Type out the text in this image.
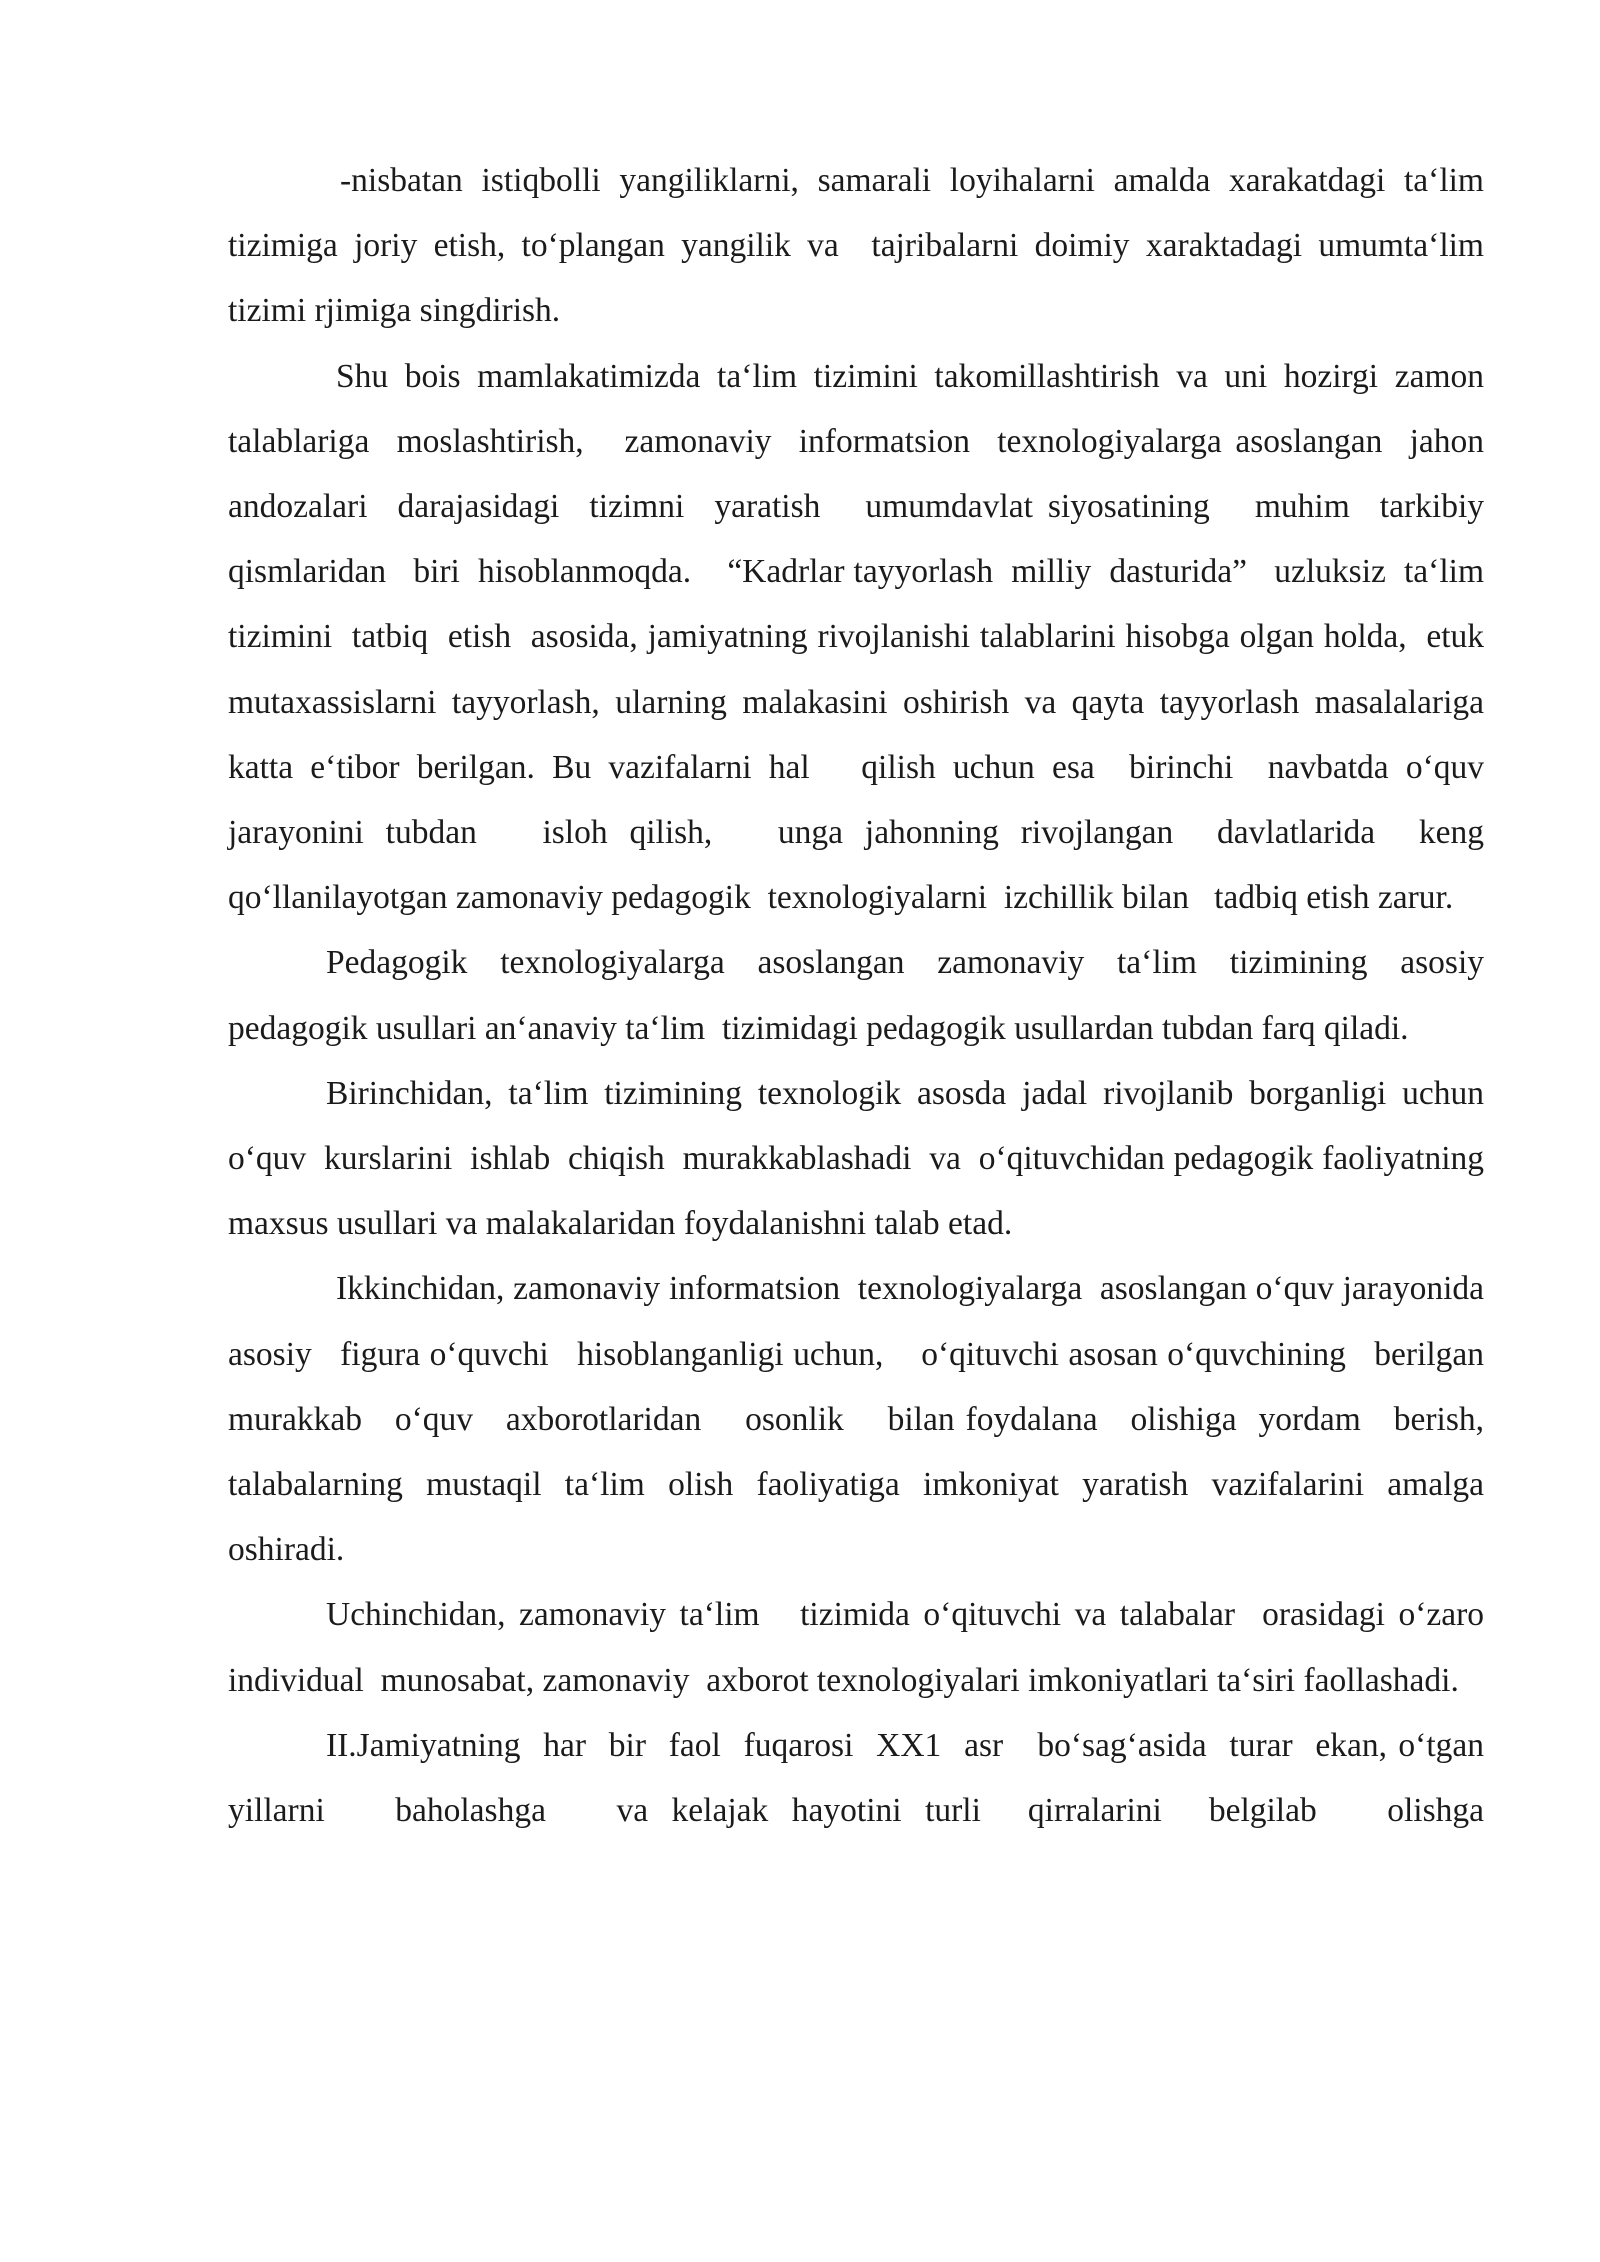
-nisbatan istiqbolli yangiliklarni, samarali loyihalarni amalda xarakatdagi ta‘lim tizimiga joriy etish, to‘plangan yangilik va  tajribalarni doimiy xaraktadagi umumta‘lim tizimi rjimiga singdirish.

Shu bois mamlakatimizda ta‘lim tizimini takomillashtirish va uni hozirgi zamon  talablariga  moslashtirish,   zamonaviy  informatsion  texnologiyalarga asoslangan  jahon   andozalari  darajasidagi  tizimni  yaratish   umumdavlat siyosatining   muhim  tarkibiy  qismlaridan   biri  hisoblanmoqda.    “Kadrlar tayyorlash  milliy  dasturida”   uzluksiz  ta‘lim  tizimini  tatbiq  etish  asosida, jamiyatning rivojlanishi talablarini hisobga olgan holda,  etuk  mutaxassislarni tayyorlash, ularning malakasini oshirish va qayta tayyorlash masalalariga  katta e‘tibor berilgan. Bu vazifalarni hal   qilish uchun esa  birinchi  navbatda o‘quv jarayonini tubdan   isloh qilish,   unga jahonning rivojlangan  davlatlarida  keng qo‘llanilayotgan zamonaviy pedagogik  texnologiyalarni  izchillik bilan   tadbiq etish zarur.

Pedagogik texnologiyalarga asoslangan zamonaviy ta‘lim tizimining asosiy pedagogik usullari an‘anaviy ta‘lim  tizimidagi pedagogik usullardan tubdan farq qiladi.

Birinchidan, ta‘lim tizimining texnologik asosda jadal rivojlanib borganligi uchun  o‘quv  kurslarini  ishlab  chiqish  murakkablashadi  va  o‘qituvchidan pedagogik faoliyatning maxsus usullari va malakalaridan foydalanishni talab etad.

Ikkinchidan, zamonaviy informatsion  texnologiyalarga  asoslangan o‘quv jarayonida asosiy   figura o‘quvchi   hisoblanganligi uchun,    o‘qituvchi asosan o‘quvchining   berilgan murakkab   o‘quv   axborotlaridan    osonlik    bilan foydalana   olishiga  yordam   berish, talabalarning mustaqil ta‘lim olish faoliyatiga imkoniyat yaratish vazifalarini amalga oshiradi.

Uchinchidan, zamonaviy ta‘lim   tizimida o‘qituvchi va talabalar  orasidagi o‘zaro individual  munosabat, zamonaviy  axborot texnologiyalari imkoniyatlari ta‘siri faollashadi.

II.Jamiyatning  har  bir  faol  fuqarosi  XX1  asr   bo‘sag‘asida  turar  ekan, o‘tgan yillarni   baholashga   va kelajak hayotini turli  qirralarini  belgilab   olishga
